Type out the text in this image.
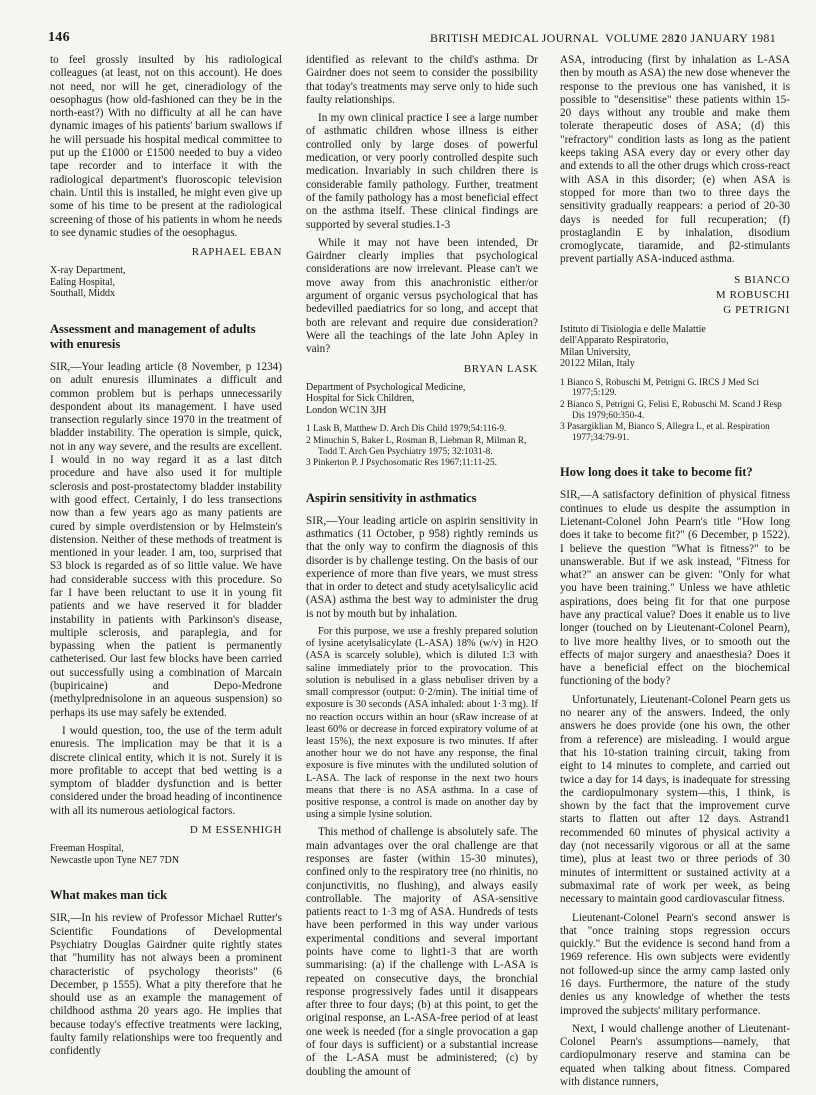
146	BRITISH MEDICAL JOURNAL VOLUME 282
10 JANUARY 1981

to feel grossly insulted by his radiological colleagues (at least, not on this account). He does not need, nor will he get, cineradiology of the oesophagus (how old-fashioned can they be in the north-east?) With no difficulty at all he can have dynamic images of his patients' barium swallows if he will persuade his hospital medical committee to put up the £1000 or £1500 needed to buy a video tape recorder and to interface it with the radiological department's fluoroscopic television chain. Until this is installed, he might even give up some of his time to be present at the radiological screening of those of his patients in whom he needs to see dynamic studies of the oesophagus.

RAPHAEL EBAN
X-ray Department,
Ealing Hospital,
Southall, Middx
Assessment and management of adults with enuresis

SIR,—Your leading article (8 November, p 1234) on adult enuresis illuminates a difficult and common problem but is perhaps unnecessarily despondent about its management. I have used transection regularly since 1970 in the treatment of bladder instability. The operation is simple, quick, not in any way severe, and the results are excellent. I would in no way regard it as a last ditch procedure and have also used it for multiple sclerosis and post-prostatectomy bladder instability with good effect. Certainly, I do less transections now than a few years ago as many patients are cured by simple overdistension or by Helmstein's distension. Neither of these methods of treatment is mentioned in your leader. I am, too, surprised that S3 block is regarded as of so little value. We have had considerable success with this procedure. So far I have been reluctant to use it in young fit patients and we have reserved it for bladder instability in patients with Parkinson's disease, multiple sclerosis, and paraplegia, and for bypassing when the patient is permanently catheterised. Our last few blocks have been carried out successfully using a combination of Marcain (bupiricaine) and Depo-Medrone (methylprednisolone in an aqueous suspension) so perhaps its use may safely be extended.

I would question, too, the use of the term adult enuresis. The implication may be that it is a discrete clinical entity, which it is not. Surely it is more profitable to accept that bed wetting is a symptom of bladder dysfunction and is better considered under the broad heading of incontinence with all its numerous aetiological factors.

D M ESSENHIGH
Freeman Hospital,
Newcastle upon Tyne NE7 7DN
What makes man tick

SIR,—In his review of Professor Michael Rutter's Scientific Foundations of Developmental Psychiatry Douglas Gairdner quite rightly states that "humility has not always been a prominent characteristic of psychology theorists" (6 December, p 1555). What a pity therefore that he should use as an example the management of childhood asthma 20 years ago. He implies that because today's effective treatments were lacking, faulty family relationships were too frequently and confidently

identified as relevant to the child's asthma. Dr Gairdner does not seem to consider the possibility that today's treatments may serve only to hide such faulty relationships.

In my own clinical practice I see a large number of asthmatic children whose illness is either controlled only by large doses of powerful medication, or very poorly controlled despite such medication. Invariably in such children there is considerable family pathology. Further, treatment of the family pathology has a most beneficial effect on the asthma itself. These clinical findings are supported by several studies.1-3

While it may not have been intended, Dr Gairdner clearly implies that psychological considerations are now irrelevant. Please can't we move away from this anachronistic either/or argument of organic versus psychological that has bedevilled paediatrics for so long, and accept that both are relevant and require due consideration? Were all the teachings of the late John Apley in vain?

BRYAN LASK
Department of Psychological Medicine,
Hospital for Sick Children,
London WC1N 3JH
1 Lask B, Matthew D. Arch Dis Child 1979;54:116-9.
2 Minuchin S, Baker L, Rosman B, Liebman R, Milman R, Todd T. Arch Gen Psychiatry 1975; 32:1031-8.
3 Pinkerton P. J Psychosomatic Res 1967;11:11-25.
Aspirin sensitivity in asthmatics

SIR,—Your leading article on aspirin sensitivity in asthmatics (11 October, p 958) rightly reminds us that the only way to confirm the diagnosis of this disorder is by challenge testing. On the basis of our experience of more than five years, we must stress that in order to detect and study acetylsalicylic acid (ASA) asthma the best way to administer the drug is not by mouth but by inhalation.

For this purpose, we use a freshly prepared solution of lysine acetylsalicylate (L-ASA) 18% (w/v) in H2O (ASA is scarcely soluble), which is diluted 1:3 with saline immediately prior to the provocation. This solution is nebulised in a glass nebuliser driven by a small compressor (output: 0·2/min). The initial time of exposure is 30 seconds (ASA inhaled: about 1·3 mg). If no reaction occurs within an hour (sRaw increase of at least 60% or decrease in forced expiratory volume of at least 15%), the next exposure is two minutes. If after another hour we do not have any response, the final exposure is five minutes with the undiluted solution of L-ASA. The lack of response in the next two hours means that there is no ASA asthma. In a case of positive response, a control is made on another day by using a simple lysine solution.

This method of challenge is absolutely safe. The main advantages over the oral challenge are that responses are faster (within 15-30 minutes), confined only to the respiratory tree (no rhinitis, no conjunctivitis, no flushing), and always easily controllable. The majority of ASA-sensitive patients react to 1·3 mg of ASA. Hundreds of tests have been performed in this way under various experimental conditions and several important points have come to light1-3 that are worth summarising: (a) if the challenge with L-ASA is repeated on consecutive days, the bronchial response progressively fades until it disappears after three to four days; (b) at this point, to get the original response, an L-ASA-free period of at least one week is needed (for a single provocation a gap of four days is sufficient) or a substantial increase of the L-ASA must be administered; (c) by doubling the amount of

ASA, introducing (first by inhalation as L-ASA then by mouth as ASA) the new dose whenever the response to the previous one has vanished, it is possible to "desensitise" these patients within 15-20 days without any trouble and make them tolerate therapeutic doses of ASA; (d) this "refractory" condition lasts as long as the patient keeps taking ASA every day or every other day and extends to all the other drugs which cross-react with ASA in this disorder; (e) when ASA is stopped for more than two to three days the sensitivity gradually reappears: a period of 20-30 days is needed for full recuperation; (f) prostaglandin E by inhalation, disodium cromoglycate, tiaramide, and β2-stimulants prevent partially ASA-induced asthma.

S BIANCO
M ROBUSCHI
G PETRIGNI
Istituto di Tisiologia e delle Malattie
dell'Apparato Respiratorio,
Milan University,
20122 Milan, Italy
1 Bianco S, Robuschi M, Petrigni G. IRCS J Med Sci 1977;5:129.
2 Bianco S, Petrigni G, Felisi E, Robuschi M. Scand J Resp Dis 1979;60:350-4.
3 Pasargiklian M, Bianco S, Allegra L, et al. Respiration 1977;34:79-91.
How long does it take to become fit?

SIR,—A satisfactory definition of physical fitness continues to elude us despite the assumption in Lietenant-Colonel John Pearn's title "How long does it take to become fit?" (6 December, p 1522). I believe the question "What is fitness?" to be unanswerable. But if we ask instead, "Fitness for what?" an answer can be given: "Only for what you have been training." Unless we have athletic aspirations, does being fit for that one purpose have any practical value? Does it enable us to live longer (touched on by Lieutenant-Colonel Pearn), to live more healthy lives, or to smooth out the effects of major surgery and anaesthesia? Does it have a beneficial effect on the biochemical functioning of the body?

Unfortunately, Lieutenant-Colonel Pearn gets us no nearer any of the answers. Indeed, the only answers he does provide (one his own, the other from a reference) are misleading. I would argue that his 10-station training circuit, taking from eight to 14 minutes to complete, and carried out twice a day for 14 days, is inadequate for stressing the cardiopulmonary system—this, I think, is shown by the fact that the improvement curve starts to flatten out after 12 days. Astrand1 recommended 60 minutes of physical activity a day (not necessarily vigorous or all at the same time), plus at least two or three periods of 30 minutes of intermittent or sustained activity at a submaximal rate of work per week, as being necessary to maintain good cardiovascular fitness.

Lieutenant-Colonel Pearn's second answer is that "once training stops regression occurs quickly." But the evidence is second hand from a 1969 reference. His own subjects were evidently not followed-up since the army camp lasted only 16 days. Furthermore, the nature of the study denies us any knowledge of whether the tests improved the subjects' military performance.

Next, I would challenge another of Lieutenant-Colonel Pearn's assumptions—namely, that cardiopulmonary reserve and stamina can be equated when talking about fitness. Compared with distance runners,
